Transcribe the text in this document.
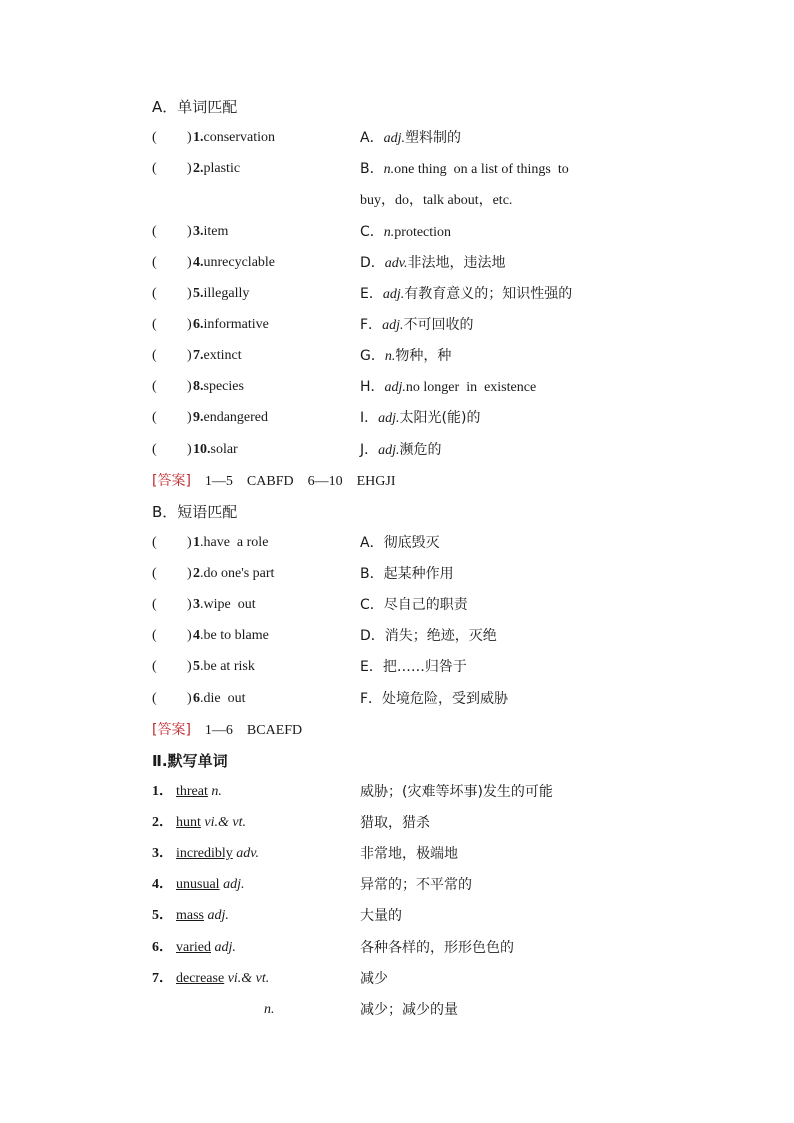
A．单词匹配
( ) 1.conservation	A．adj.塑料制的
( ) 2.plastic	B．n.one thing  on a list of things  to
buy，do，talk about，etc.
( ) 3.item	C．n.protection
( ) 4.unrecyclable	D．adv.非法地，违法地
( ) 5.illegally	E．adj.有教育意义的；知识性强的
( ) 6.informative	F．adj.不可回收的
( ) 7.extinct	G．n.物种，种
( ) 8.species	H．adj.no longer  in  existence
( ) 9.endangered	I．adj.太阳光(能)的
( ) 10.solar	J．adj.濒危的
[答案]　1—5　CABFD　6—10　EHGJI
B．短语匹配
( ) 1.have  a role	A．彻底毁灭
( ) 2.do one's part	B．起某种作用
( ) 3.wipe  out	C．尽自己的职责
( ) 4.be to blame	D．消失；绝迹，灭绝
( ) 5.be at risk	E．把……归咎于
( ) 6.die  out	F．处境危险，受到威胁
[答案]　1—6　BCAEFD
Ⅱ.默写单词
1． threat n.	威胁；(灾难等坏事)发生的可能
2． hunt vi.& vt.	猎取，猎杀
3． incredibly adv.	非常地，极端地
4． unusual adj.	异常的；不平常的
5． mass adj.	大量的
6． varied adj.	各种各样的，形形色色的
7． decrease vi.& vt.	减少
n.	减少；减少的量
